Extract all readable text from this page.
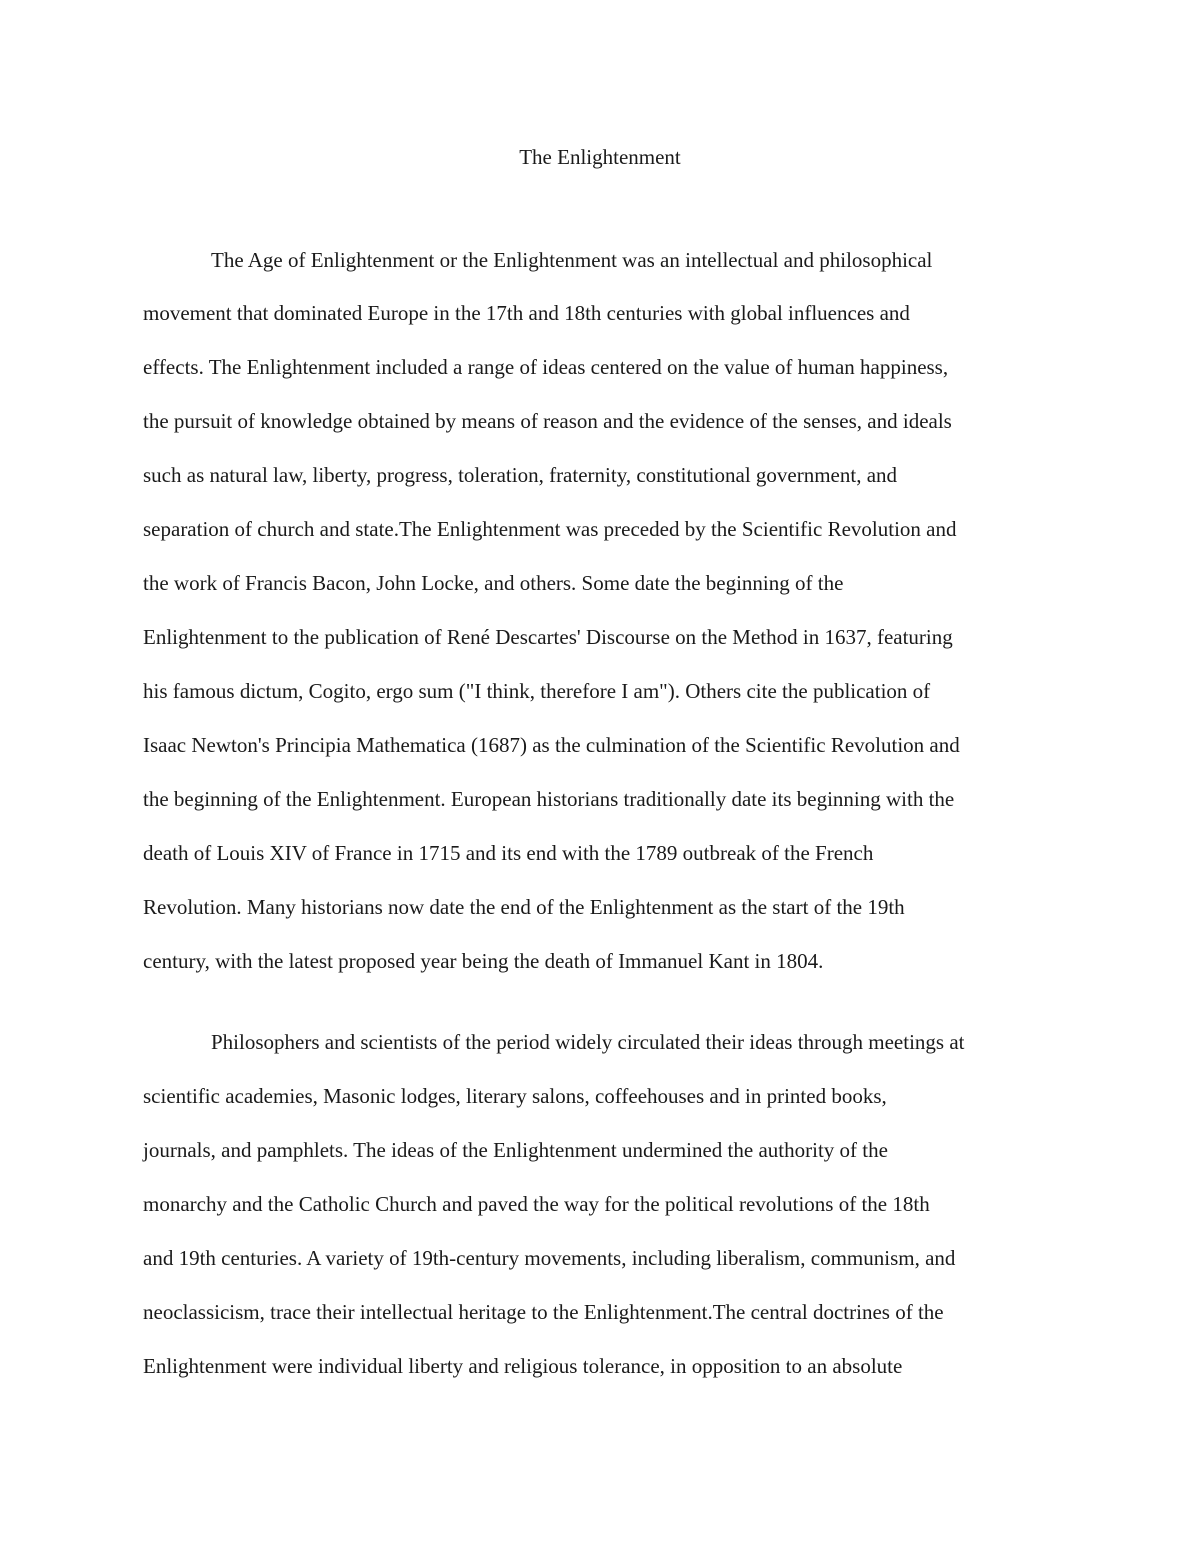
The Enlightenment

The Age of Enlightenment or the Enlightenment was an intellectual and philosophical

movement that dominated Europe in the 17th and 18th centuries with global influences and

effects. The Enlightenment included a range of ideas centered on the value of human happiness,

the pursuit of knowledge obtained by means of reason and the evidence of the senses, and ideals

such as natural law, liberty, progress, toleration, fraternity, constitutional government, and

separation of church and state.The Enlightenment was preceded by the Scientific Revolution and

the work of Francis Bacon, John Locke, and others. Some date the beginning of the

Enlightenment to the publication of René Descartes' Discourse on the Method in 1637, featuring

his famous dictum, Cogito, ergo sum ("I think, therefore I am"). Others cite the publication of

Isaac Newton's Principia Mathematica (1687) as the culmination of the Scientific Revolution and

the beginning of the Enlightenment. European historians traditionally date its beginning with the

death of Louis XIV of France in 1715 and its end with the 1789 outbreak of the French

Revolution. Many historians now date the end of the Enlightenment as the start of the 19th

century, with the latest proposed year being the death of Immanuel Kant in 1804.

Philosophers and scientists of the period widely circulated their ideas through meetings at

scientific academies, Masonic lodges, literary salons, coffeehouses and in printed books,

journals, and pamphlets. The ideas of the Enlightenment undermined the authority of the

monarchy and the Catholic Church and paved the way for the political revolutions of the 18th

and 19th centuries. A variety of 19th-century movements, including liberalism, communism, and

neoclassicism, trace their intellectual heritage to the Enlightenment.The central doctrines of the

Enlightenment were individual liberty and religious tolerance, in opposition to an absolute
